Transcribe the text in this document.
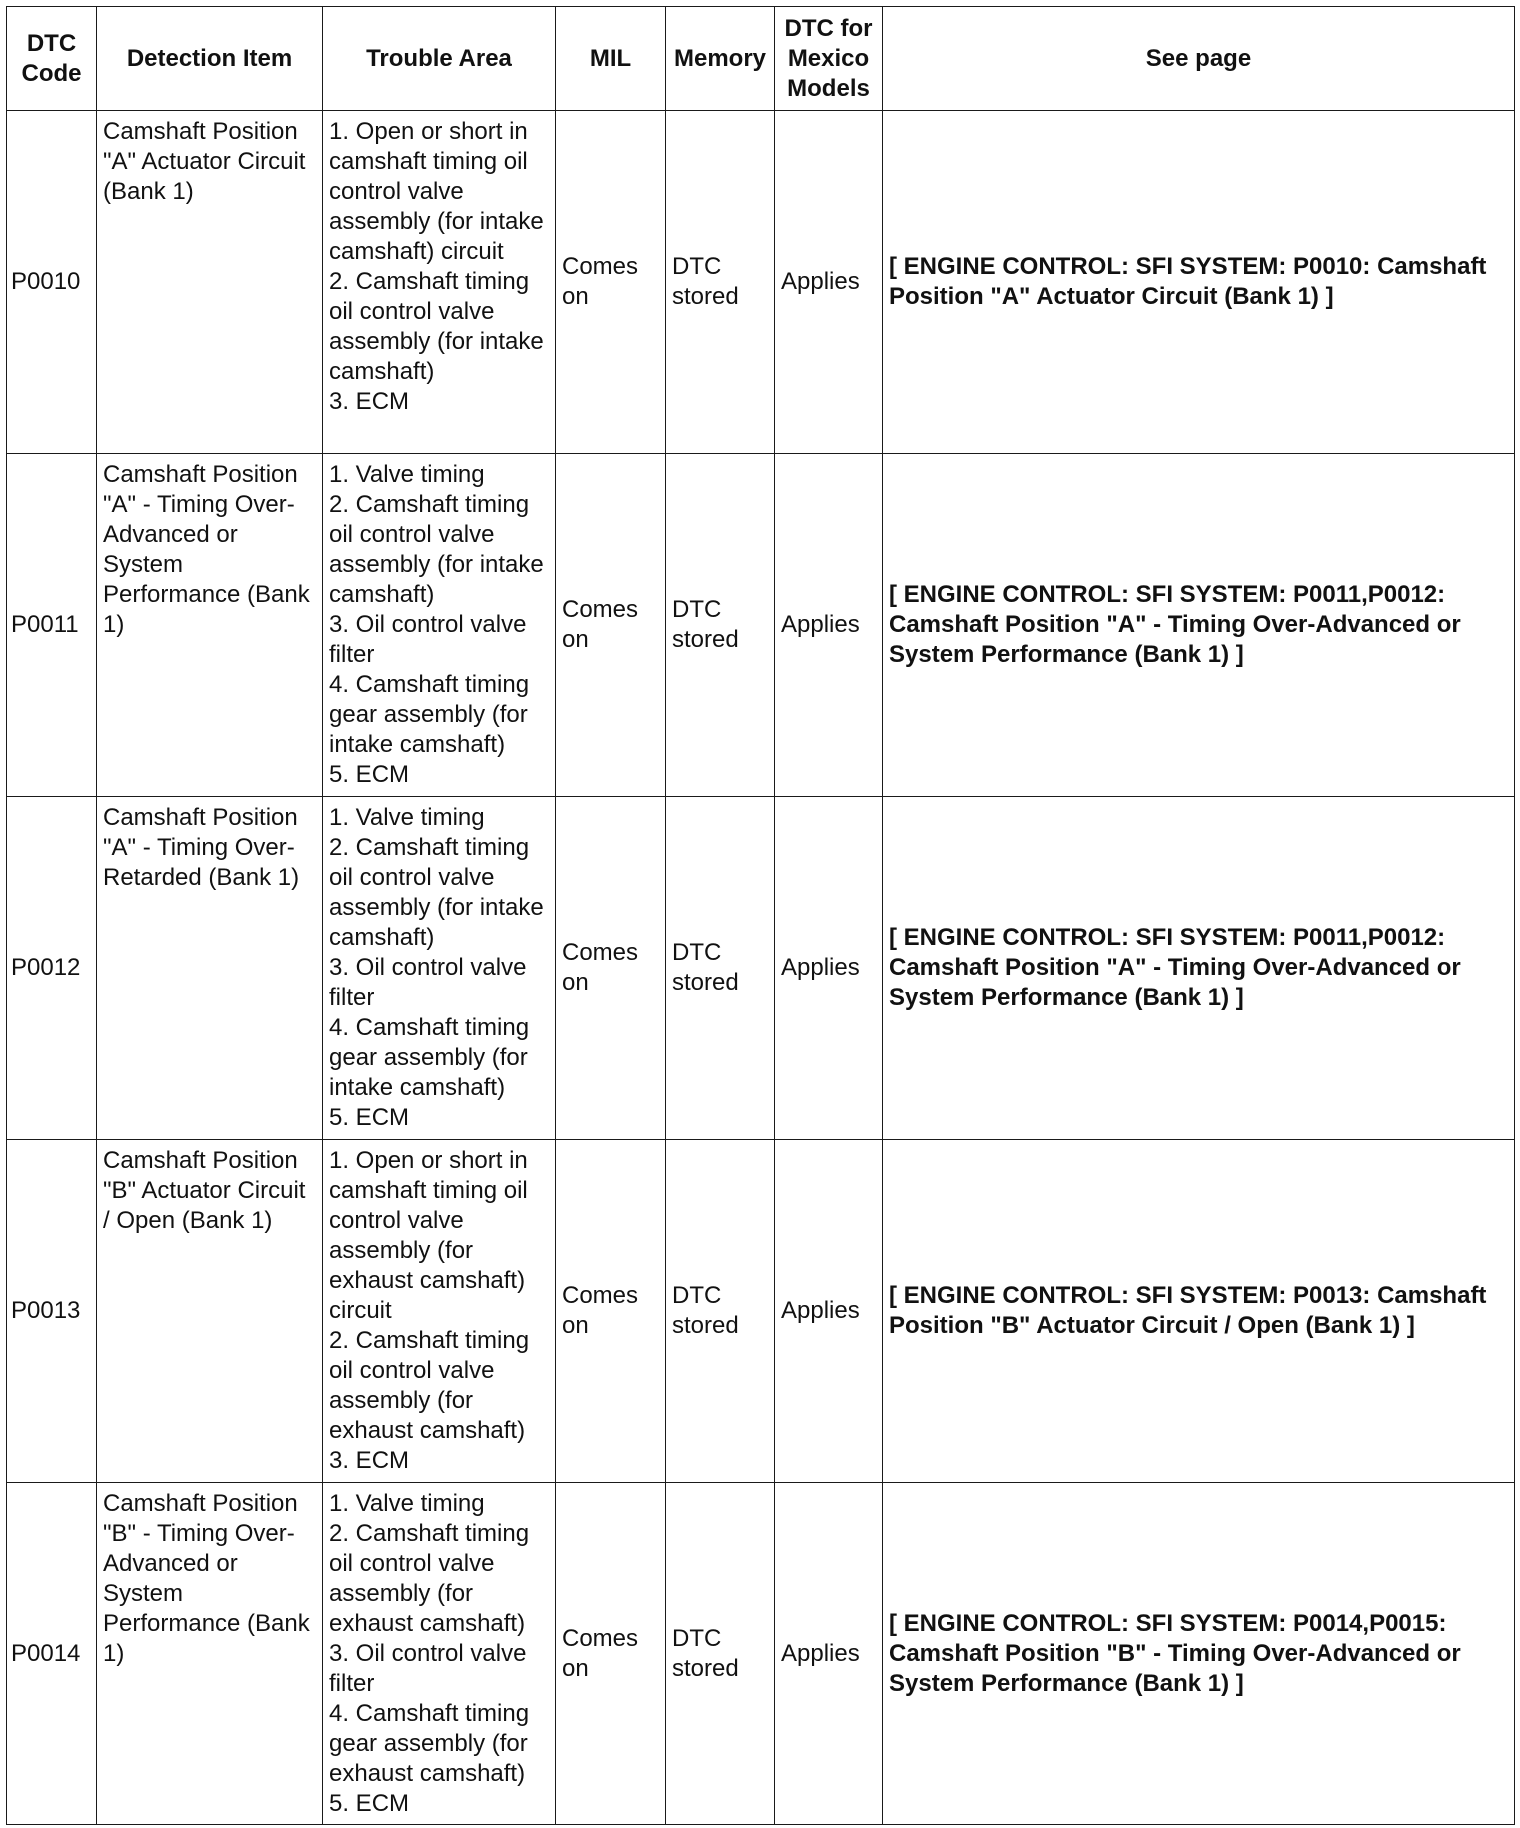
DTC Code	Detection Item	Trouble Area	MIL	Memory	DTC for Mexico Models	See page
P0010	Camshaft Position "A" Actuator Circuit (Bank 1)	1. Open or short in camshaft timing oil control valve assembly (for intake camshaft) circuit
2. Camshaft timing oil control valve assembly (for intake camshaft)
3. ECM	Comes on	DTC stored	Applies	[ ENGINE CONTROL: SFI SYSTEM: P0010: Camshaft Position "A" Actuator Circuit (Bank 1) ]
P0011	Camshaft Position "A" - Timing Over-Advanced or System Performance (Bank 1)	1. Valve timing
2. Camshaft timing oil control valve assembly (for intake camshaft)
3. Oil control valve filter
4. Camshaft timing gear assembly (for intake camshaft)
5. ECM	Comes on	DTC stored	Applies	[ ENGINE CONTROL: SFI SYSTEM: P0011,P0012: Camshaft Position "A" - Timing Over-Advanced or System Performance (Bank 1) ]
P0012	Camshaft Position "A" - Timing Over-Retarded (Bank 1)	1. Valve timing
2. Camshaft timing oil control valve assembly (for intake camshaft)
3. Oil control valve filter
4. Camshaft timing gear assembly (for intake camshaft)
5. ECM	Comes on	DTC stored	Applies	[ ENGINE CONTROL: SFI SYSTEM: P0011,P0012: Camshaft Position "A" - Timing Over-Advanced or System Performance (Bank 1) ]
P0013	Camshaft Position "B" Actuator Circuit / Open (Bank 1)	1. Open or short in camshaft timing oil control valve assembly (for exhaust camshaft) circuit
2. Camshaft timing oil control valve assembly (for exhaust camshaft)
3. ECM	Comes on	DTC stored	Applies	[ ENGINE CONTROL: SFI SYSTEM: P0013: Camshaft Position "B" Actuator Circuit / Open (Bank 1) ]
P0014	Camshaft Position "B" - Timing Over-Advanced or System Performance (Bank 1)	1. Valve timing
2. Camshaft timing oil control valve assembly (for exhaust camshaft)
3. Oil control valve filter
4. Camshaft timing gear assembly (for exhaust camshaft)
5. ECM	Comes on	DTC stored	Applies	[ ENGINE CONTROL: SFI SYSTEM: P0014,P0015: Camshaft Position "B" - Timing Over-Advanced or System Performance (Bank 1) ]
